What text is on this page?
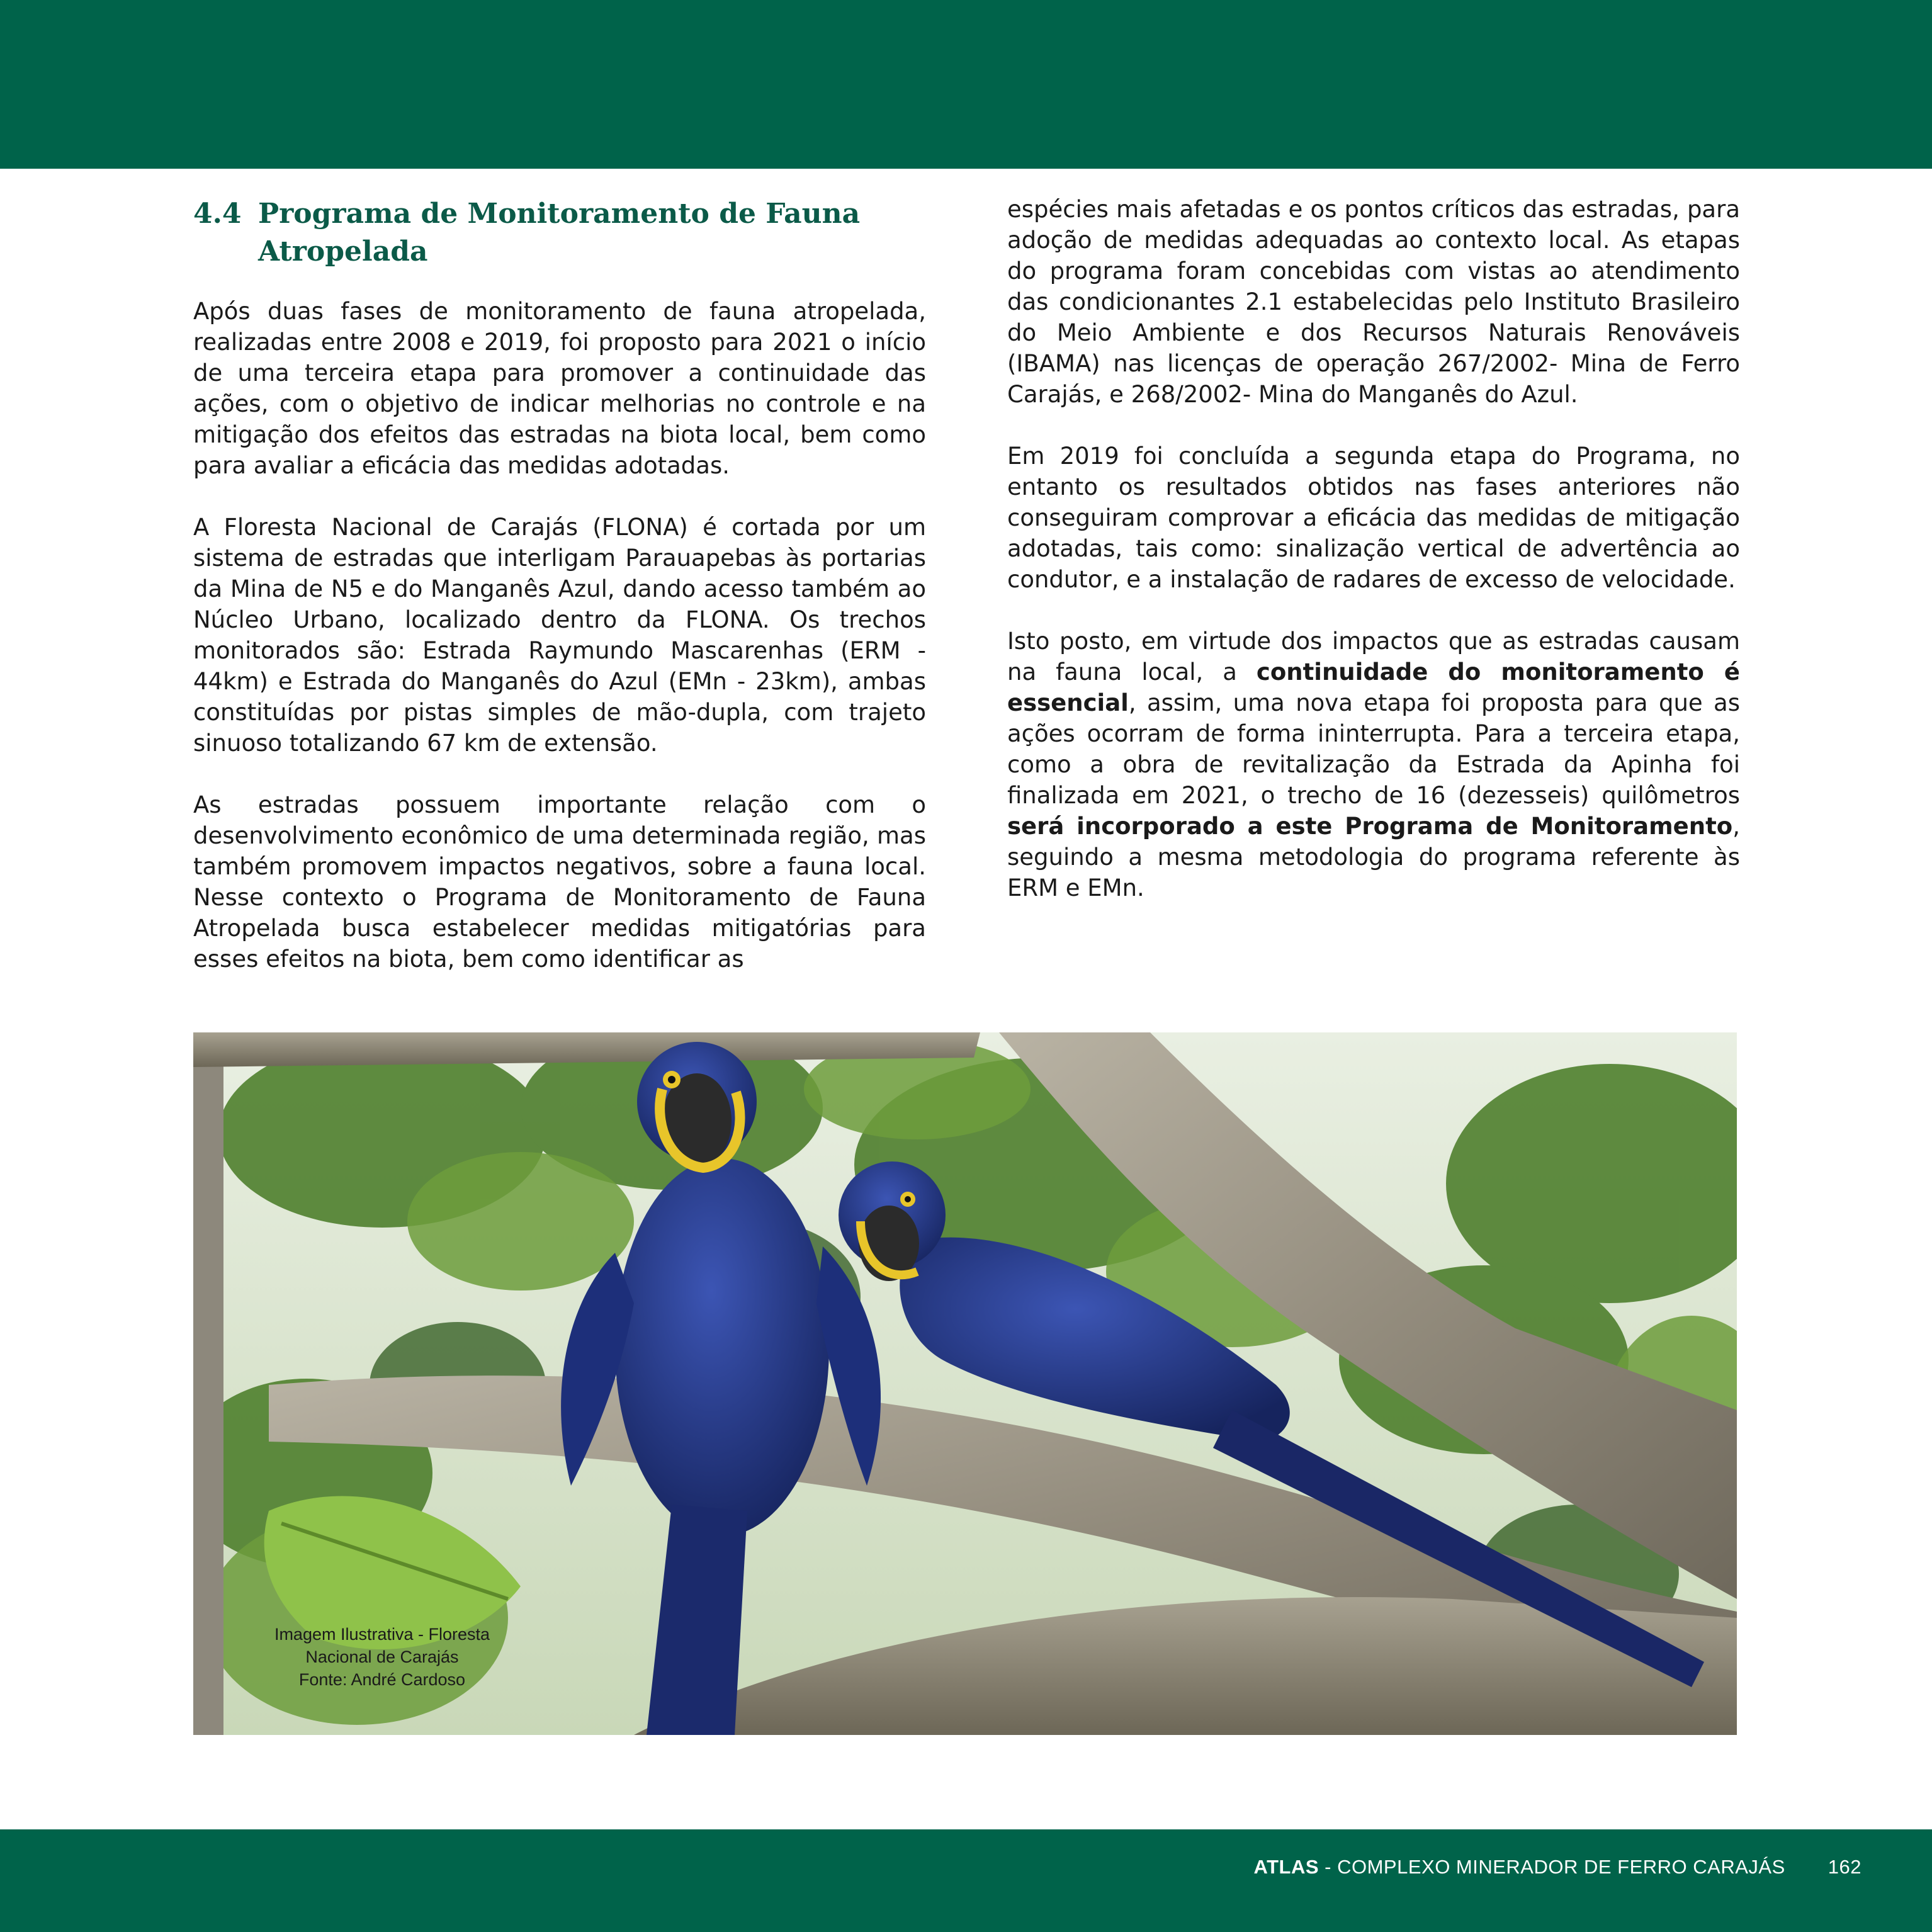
4.4 Programa de Monitoramento de Fauna Atropelada

Após duas fases de monitoramento de fauna atropelada, realizadas entre 2008 e 2019, foi proposto para 2021 o início de uma terceira etapa para promover a continuidade das ações, com o objetivo de indicar melhorias no controle e na mitigação dos efeitos das estradas na biota local, bem como para avaliar a eficácia das medidas adotadas.

A Floresta Nacional de Carajás (FLONA) é cortada por um sistema de estradas que interligam Parauapebas às portarias da Mina de N5 e do Manganês Azul, dando acesso também ao Núcleo Urbano, localizado dentro da FLONA. Os trechos monitorados são: Estrada Raymundo Mascarenhas (ERM - 44km) e Estrada do Manganês do Azul (EMn - 23km), ambas constituídas por pistas simples de mão-dupla, com trajeto sinuoso totalizando 67 km de extensão.

As estradas possuem importante relação com o desenvolvimento econômico de uma determinada região, mas também promovem impactos negativos, sobre a fauna local. Nesse contexto o Programa de Monitoramento de Fauna Atropelada busca estabelecer medidas mitigatórias para esses efeitos na biota, bem como identificar as

espécies mais afetadas e os pontos críticos das estradas, para adoção de medidas adequadas ao contexto local. As etapas do programa foram concebidas com vistas ao atendimento das condicionantes 2.1 estabelecidas pelo Instituto Brasileiro do Meio Ambiente e dos Recursos Naturais Renováveis (IBAMA) nas licenças de operação 267/2002- Mina de Ferro Carajás, e 268/2002- Mina do Manganês do Azul.

Em 2019 foi concluída a segunda etapa do Programa, no entanto os resultados obtidos nas fases anteriores não conseguiram comprovar a eficácia das medidas de mitigação adotadas, tais como: sinalização vertical de advertência ao condutor, e a instalação de radares de excesso de velocidade.

Isto posto, em virtude dos impactos que as estradas causam na fauna local, a continuidade do monitoramento é essencial, assim, uma nova etapa foi proposta para que as ações ocorram de forma ininterrupta. Para a terceira etapa, como a obra de revitalização da Estrada da Apinha foi finalizada em 2021, o trecho de 16 (dezesseis) quilômetros será incorporado a este Programa de Monitoramento, seguindo a mesma metodologia do programa referente às ERM e EMn.

Imagem Ilustrativa - Floresta
Nacional de Carajás
Fonte: André Cardoso
ATLAS - COMPLEXO MINERADOR DE FERRO CARAJÁS 162
